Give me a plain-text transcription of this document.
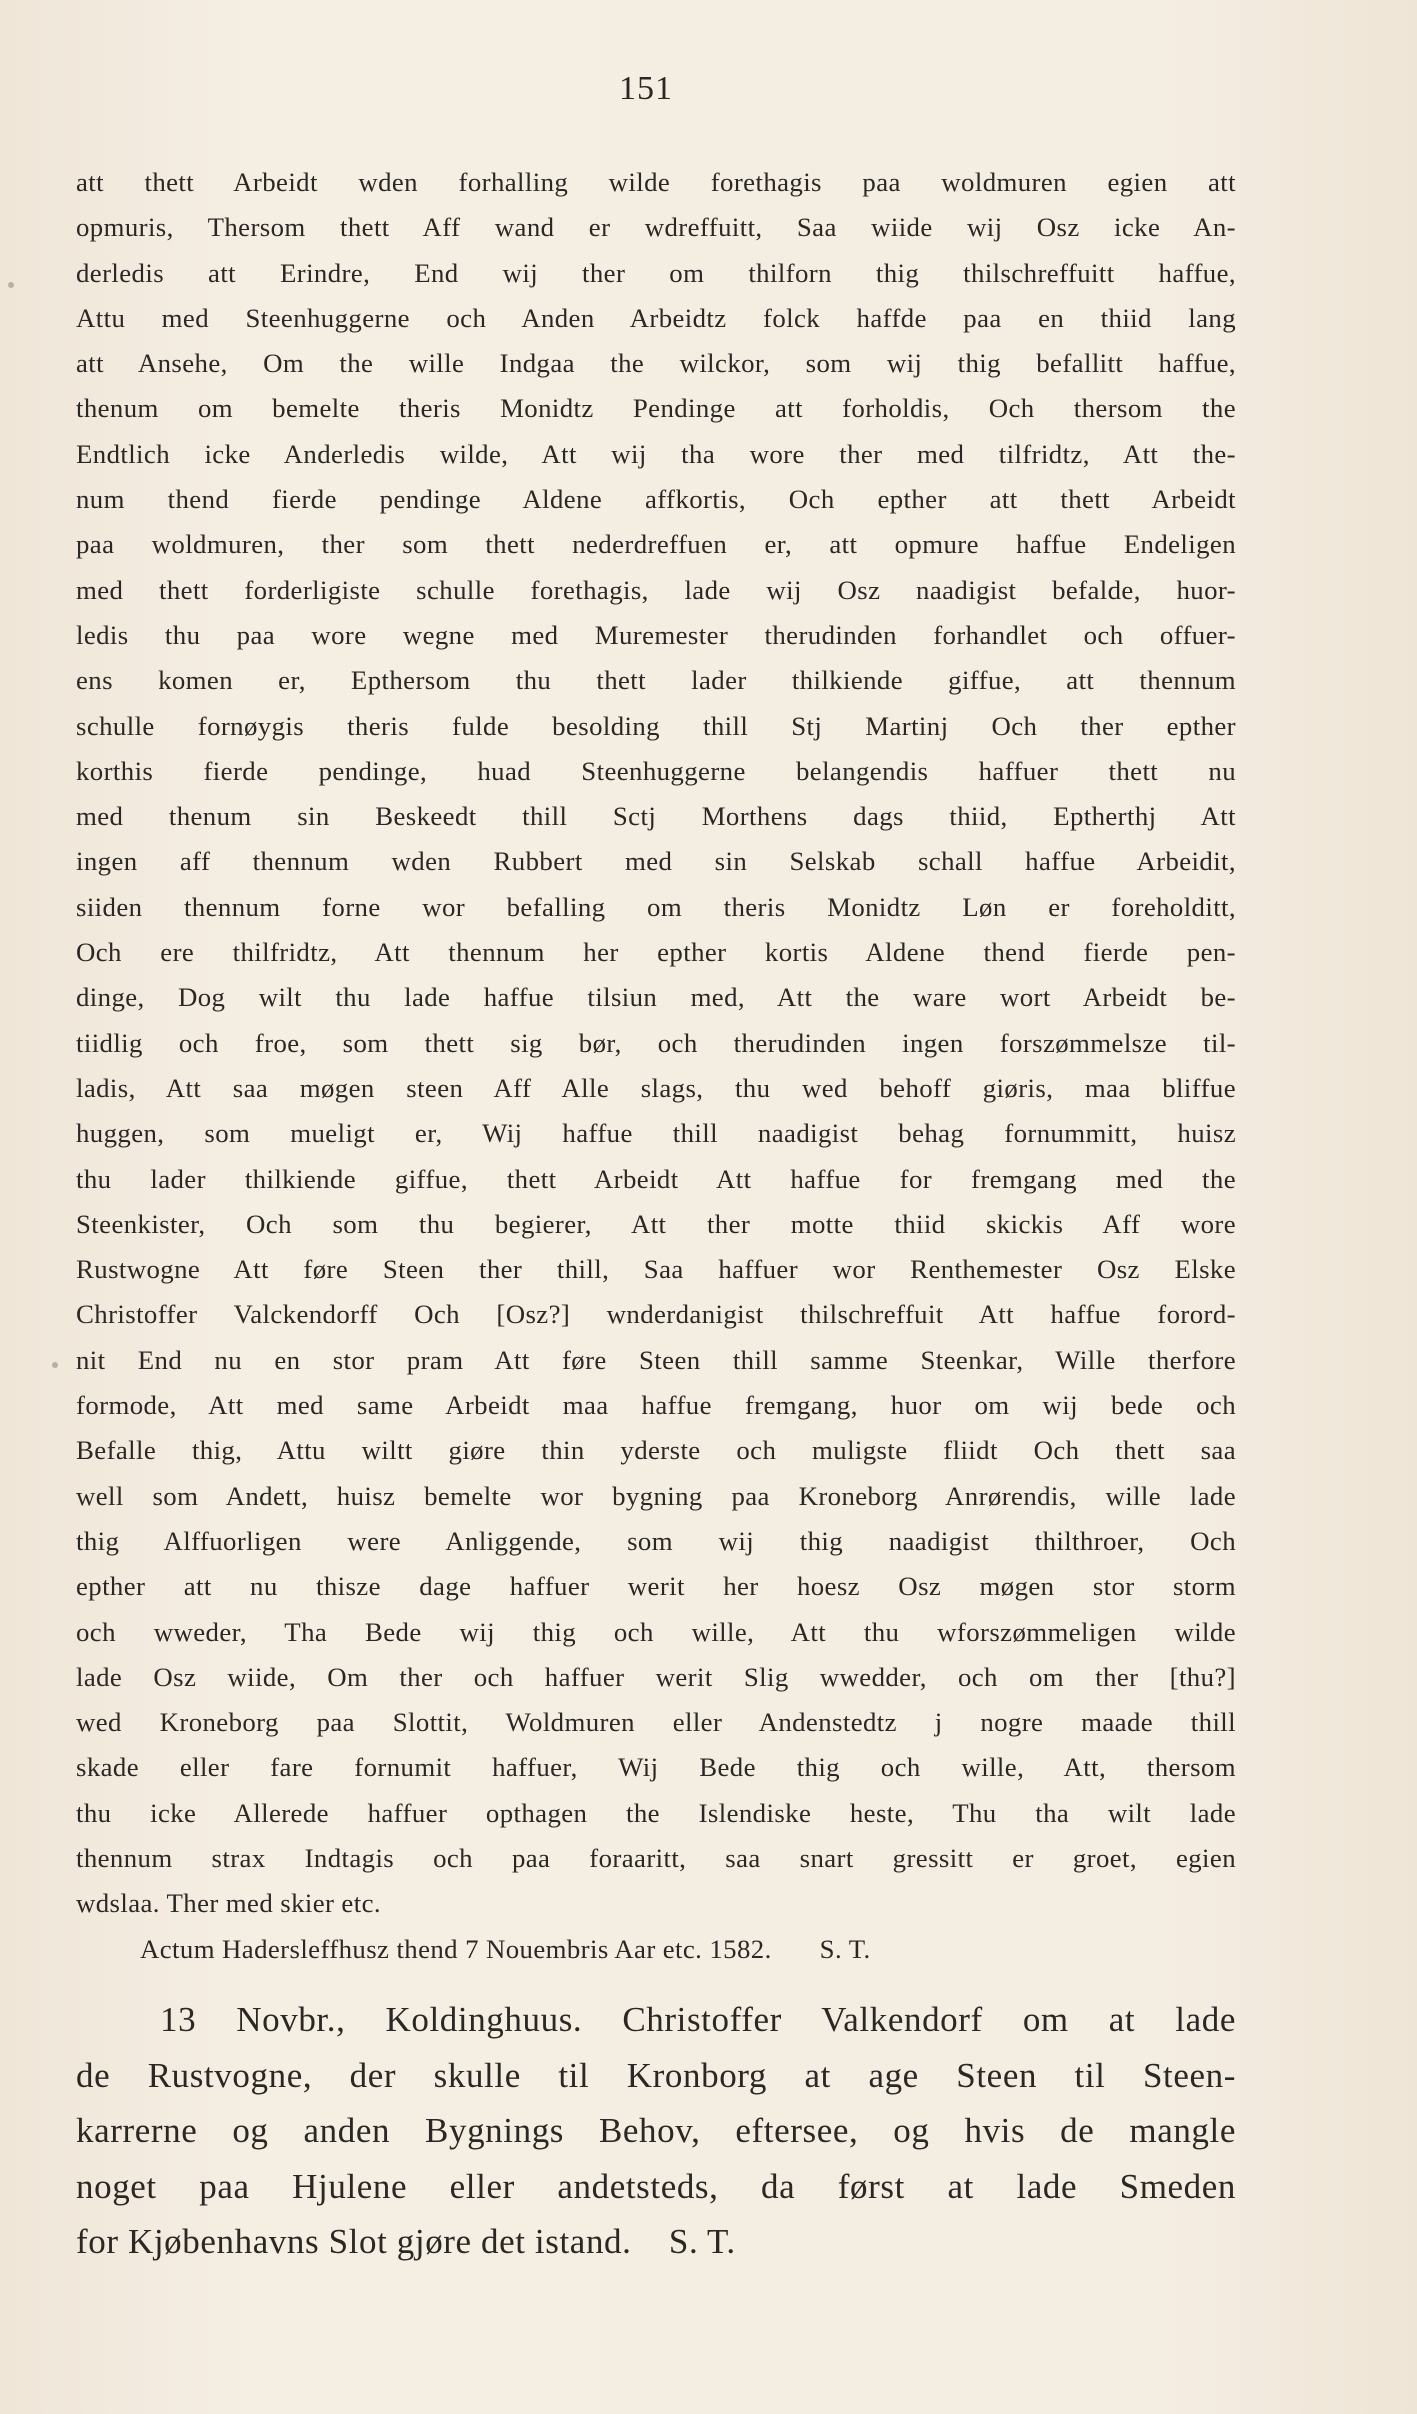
151
att thett Arbeidt wden forhalling wilde forethagis paa woldmuren egien att
opmuris, Thersom thett Aff wand er wdreffuitt, Saa wiide wij Osz icke An-
derledis att Erindre, End wij ther om thilforn thig thilschreffuitt haffue,
Attu med Steenhuggerne och Anden Arbeidtz folck haffde paa en thiid lang
att Ansehe, Om the wille Indgaa the wilckor, som wij thig befallitt haffue,
thenum om bemelte theris Monidtz Pendinge att forholdis, Och thersom the
Endtlich icke Anderledis wilde, Att wij tha wore ther med tilfridtz, Att the-
num thend fierde pendinge Aldene affkortis, Och epther att thett Arbeidt
paa woldmuren, ther som thett nederdreffuen er, att opmure haffue Endeligen
med thett forderligiste schulle forethagis, lade wij Osz naadigist befalde, huor-
ledis thu paa wore wegne med Muremester therudinden forhandlet och offuer-
ens komen er, Epthersom thu thett lader thilkiende giffue, att thennum
schulle fornøygis theris fulde besolding thill Stj Martinj Och ther epther
korthis fierde pendinge, huad Steenhuggerne belangendis haffuer thett nu
med thenum sin Beskeedt thill Sctj Morthens dags thiid, Eptherthj Att
ingen aff thennum wden Rubbert med sin Selskab schall haffue Arbeidit,
siiden thennum forne wor befalling om theris Monidtz Løn er foreholditt,
Och ere thilfridtz, Att thennum her epther kortis Aldene thend fierde pen-
dinge, Dog wilt thu lade haffue tilsiun med, Att the ware wort Arbeidt be-
tiidlig och froe, som thett sig bør, och therudinden ingen forszømmelsze til-
ladis, Att saa møgen steen Aff Alle slags, thu wed behoff giøris, maa bliffue
huggen, som mueligt er, Wij haffue thill naadigist behag fornummitt, huisz
thu lader thilkiende giffue, thett Arbeidt Att haffue for fremgang med the
Steenkister, Och som thu begierer, Att ther motte thiid skickis Aff wore
Rustwogne Att føre Steen ther thill, Saa haffuer wor Renthemester Osz Elske
Christoffer Valckendorff Och [Osz?] wnderdanigist thilschreffuit Att haffue forord-
nit End nu en stor pram Att føre Steen thill samme Steenkar, Wille therfore
formode, Att med same Arbeidt maa haffue fremgang, huor om wij bede och
Befalle thig, Attu wiltt giøre thin yderste och muligste fliidt Och thett saa
well som Andett, huisz bemelte wor bygning paa Kroneborg Anrørendis, wille lade
thig Alffuorligen were Anliggende, som wij thig naadigist thilthroer, Och
epther att nu thisze dage haffuer werit her hoesz Osz møgen stor storm
och wweder, Tha Bede wij thig och wille, Att thu wforszømmeligen wilde
lade Osz wiide, Om ther och haffuer werit Slig wwedder, och om ther [thu?]
wed Kroneborg paa Slottit, Woldmuren eller Andenstedtz j nogre maade thill
skade eller fare fornumit haffuer, Wij Bede thig och wille, Att, thersom
thu icke Allerede haffuer opthagen the Islendiske heste, Thu tha wilt lade
thennum strax Indtagis och paa foraaritt, saa snart gressitt er groet, egien
wdslaa. Ther med skier etc.
Actum Hadersleffhusz thend 7 Nouembris Aar etc. 1582. S. T.
13 Novbr., Koldinghuus. Christoffer Valkendorf om at lade
de Rustvogne, der skulle til Kronborg at age Steen til Steen-
karrerne og anden Bygnings Behov, eftersee, og hvis de mangle
noget paa Hjulene eller andetsteds, da først at lade Smeden
for Kjøbenhavns Slot gjøre det istand.    S. T.
